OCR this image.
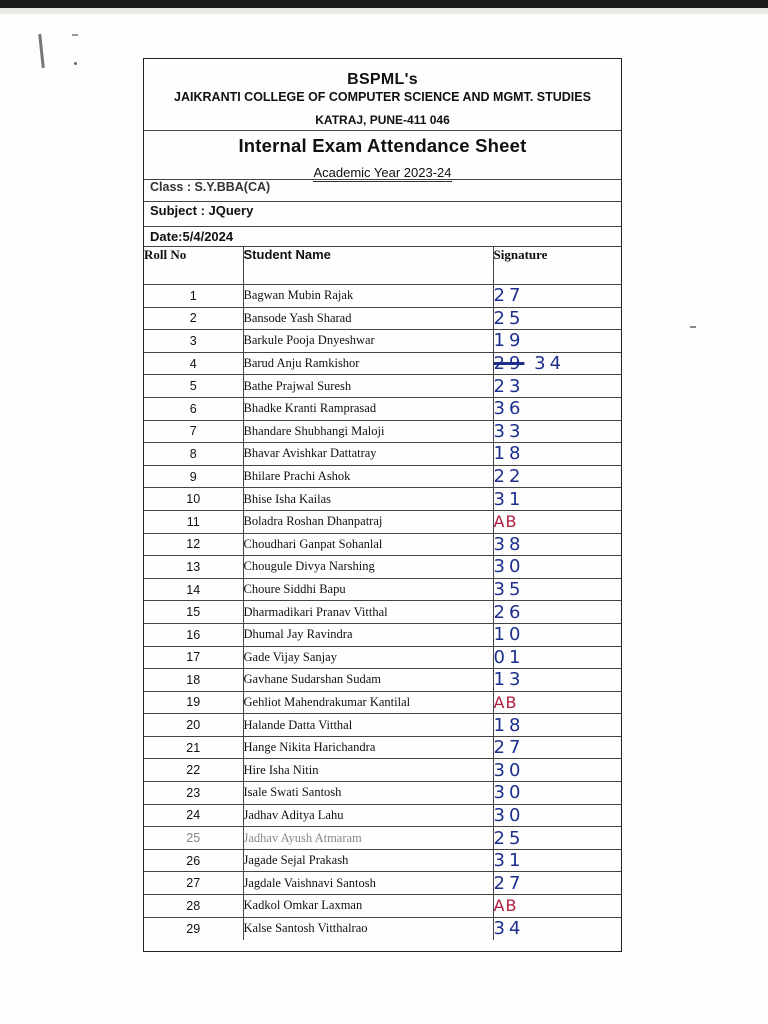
BSPML's
JAIKRANTI COLLEGE OF COMPUTER SCIENCE AND MGMT. STUDIES
KATRAJ, PUNE-411 046
Internal Exam Attendance Sheet
Academic Year 2023-24
Class : S.Y.BBA(CA)
Subject : JQuery

Date:5/4/2024		
Roll No	Student Name	Signature
1	Bagwan Mubin Rajak	27
2	Bansode Yash Sharad	25
3	Barkule Pooja Dnyeshwar	19
4	Barud Anju Ramkishor	29 34
5	Bathe Prajwal Suresh	23
6	Bhadke Kranti Ramprasad	36
7	Bhandare Shubhangi Maloji	33
8	Bhavar Avishkar Dattatray	18
9	Bhilare Prachi Ashok	22
10	Bhise Isha Kailas	31
11	Boladra Roshan Dhanpatraj	AB
12	Choudhari Ganpat Sohanlal	38
13	Chougule Divya Narshing	30
14	Choure Siddhi Bapu	35
15	Dharmadikari Pranav Vitthal	26
16	Dhumal Jay Ravindra	10
17	Gade Vijay Sanjay	01
18	Gavhane Sudarshan Sudam	13
19	Gehliot Mahendrakumar Kantilal	AB
20	Halande Datta Vitthal	18
21	Hange Nikita Harichandra	27
22	Hire Isha Nitin	30
23	Isale Swati Santosh	30
24	Jadhav Aditya Lahu	30
25	Jadhav Ayush Atmaram	25
26	Jagade Sejal Prakash	31
27	Jagdale Vaishnavi Santosh	27
28	Kadkol Omkar Laxman	AB
29	Kalse Santosh Vitthalrao	34
